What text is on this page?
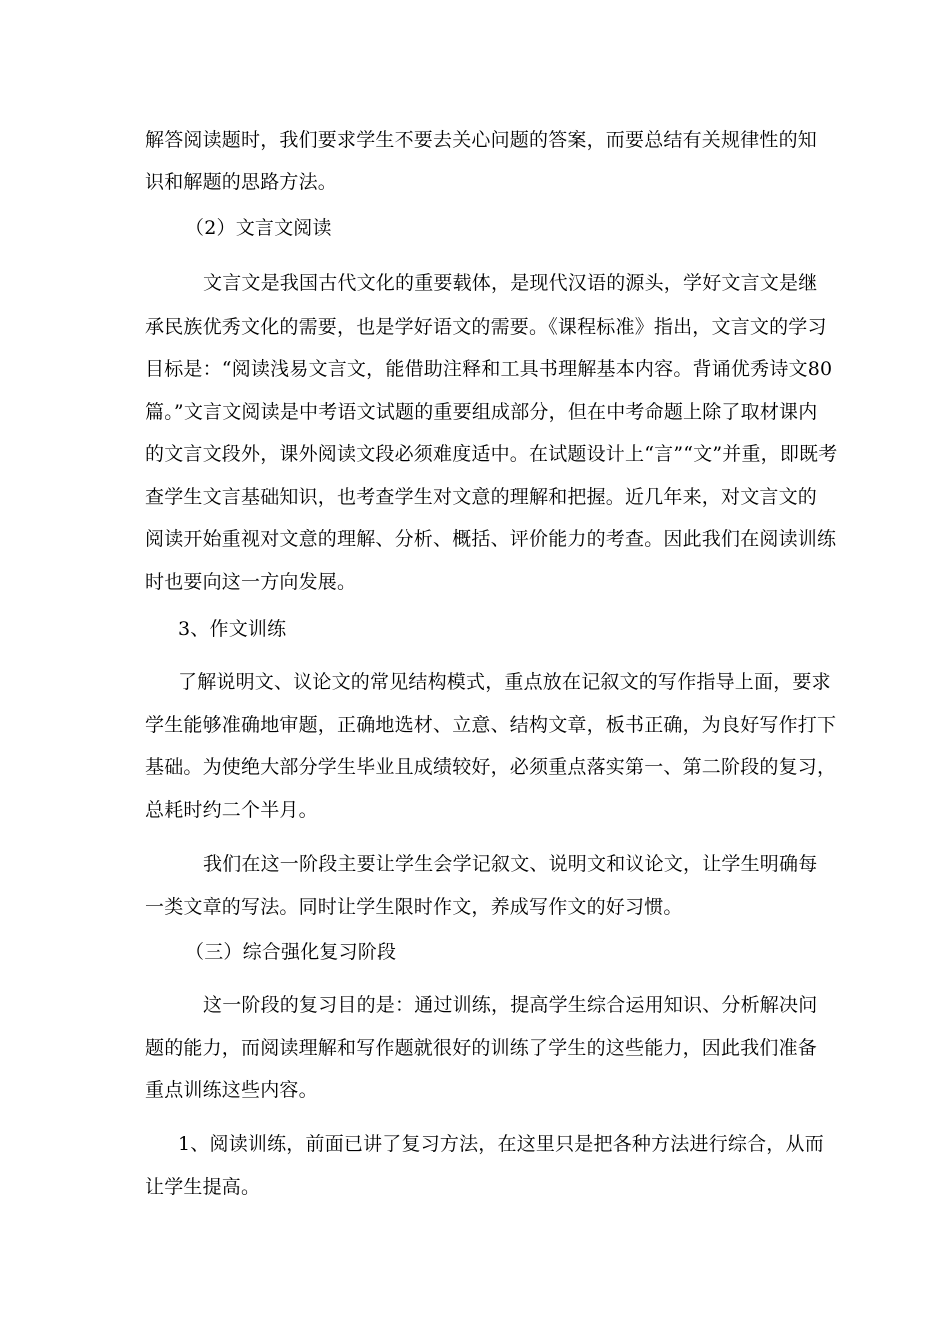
解答阅读题时，我们要求学生不要去关心问题的答案，而要总结有关规律性的知
识和解题的思路方法。
（2）文言文阅读
文言文是我国古代文化的重要载体，是现代汉语的源头，学好文言文是继
承民族优秀文化的需要，也是学好语文的需要。《课程标准》指出，文言文的学习
目标是：“阅读浅易文言文，能借助注释和工具书理解基本内容。背诵优秀诗文80
篇。”文言文阅读是中考语文试题的重要组成部分，但在中考命题上除了取材课内
的文言文段外，课外阅读文段必须难度适中。在试题设计上“言”“文”并重，即既考
查学生文言基础知识，也考查学生对文意的理解和把握。近几年来，对文言文的
阅读开始重视对文意的理解、分析、概括、评价能力的考查。因此我们在阅读训练
时也要向这一方向发展。
3、作文训练
了解说明文、议论文的常见结构模式，重点放在记叙文的写作指导上面，要求
学生能够准确地审题，正确地选材、立意、结构文章，板书正确，为良好写作打下
基础。为使绝大部分学生毕业且成绩较好，必须重点落实第一、第二阶段的复习，
总耗时约二个半月。
我们在这一阶段主要让学生会学记叙文、说明文和议论文，让学生明确每
一类文章的写法。同时让学生限时作文，养成写作文的好习惯。
（三）综合强化复习阶段
这一阶段的复习目的是：通过训练，提高学生综合运用知识、分析解决问
题的能力，而阅读理解和写作题就很好的训练了学生的这些能力，因此我们准备
重点训练这些内容。
1、阅读训练，前面已讲了复习方法，在这里只是把各种方法进行综合，从而
让学生提高。
